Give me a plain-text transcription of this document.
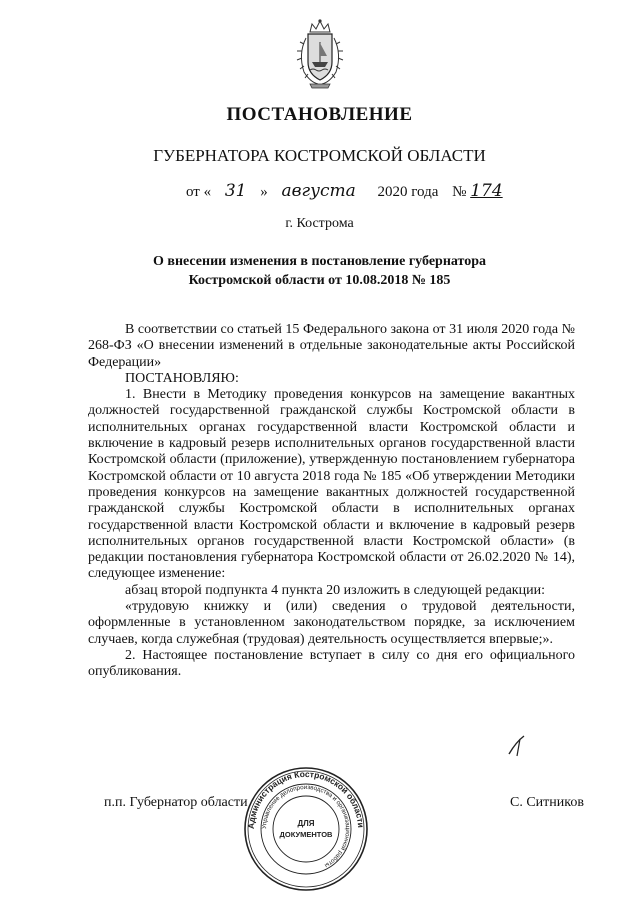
ПОСТАНОВЛЕНИЕ
ГУБЕРНАТОРА КОСТРОМСКОЙ ОБЛАСТИ
от « 31 » августа 2020 года № 174
г. Кострома
О внесении изменения в постановление губернатора
Костромской области от 10.08.2018 № 185

В соответствии со статьей 15 Федерального закона от 31 июля 2020 года № 268-ФЗ «О внесении изменений в отдельные законодательные акты Российской Федерации»

ПОСТАНОВЛЯЮ:

1. Внести в Методику проведения конкурсов на замещение вакантных должностей государственной гражданской службы Костромской области в исполнительных органах государственной власти Костромской области и включение в кадровый резерв исполнительных органов государственной власти Костромской области (приложение), утвержденную постановлением губернатора Костромской области от 10 августа 2018 года № 185 «Об утверждении Методики проведения конкурсов на замещение вакантных должностей государственной гражданской службы Костромской области в исполнительных органах государственной власти Костромской области и включение в кадровый резерв исполнительных органов государственной власти Костромской области» (в редакции постановления губернатора Костромской области от 26.02.2020 № 14), следующее изменение:

абзац второй подпункта 4 пункта 20 изложить в следующей редакции:

«трудовую книжку и (или) сведения о трудовой деятельности, оформленные в установленном законодательством порядке, за исключением случаев, когда служебная (трудовая) деятельность осуществляется впервые;».

2. Настоящее постановление вступает в силу со дня его официального опубликования.

п.п. Губернатор области	С. Ситников
Администрация Костромской области
Управление делопроизводства и организационной работы
ДЛЯ
ДОКУМЕНТОВ
